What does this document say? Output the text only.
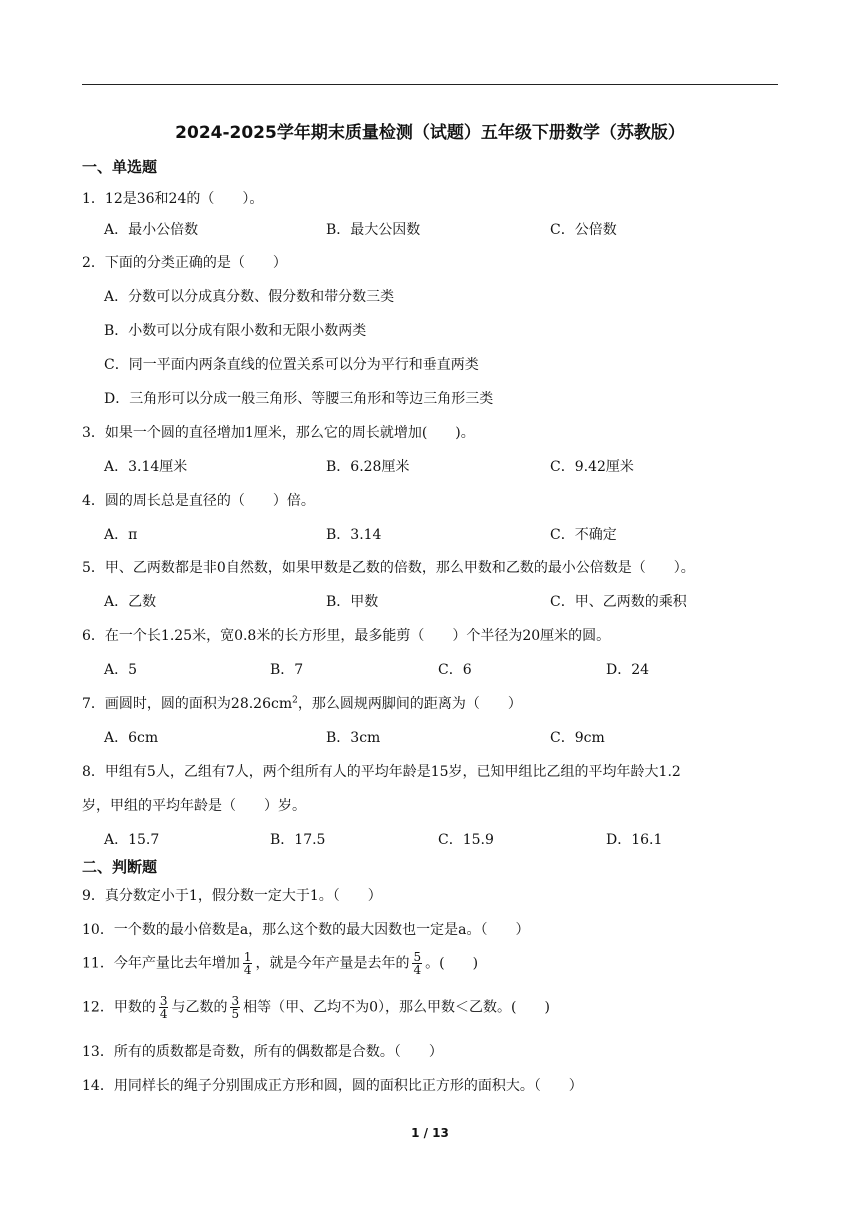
2024-2025学年期末质量检测（试题）五年级下册数学（苏教版）
一、单选题
1．12是36和24的（　　）。
A．最小公倍数	B．最大公因数	C．公倍数
2．下面的分类正确的是（　　）
A．分数可以分成真分数、假分数和带分数三类
B．小数可以分成有限小数和无限小数两类
C．同一平面内两条直线的位置关系可以分为平行和垂直两类
D．三角形可以分成一般三角形、等腰三角形和等边三角形三类
3．如果一个圆的直径增加1厘米，那么它的周长就增加(　　)。
A．3.14厘米	B．6.28厘米	C．9.42厘米
4．圆的周长总是直径的（　　）倍。
A．π	B．3.14	C．不确定
5．甲、乙两数都是非0自然数，如果甲数是乙数的倍数，那么甲数和乙数的最小公倍数是（　　）。
A．乙数	B．甲数	C．甲、乙两数的乘积
6．在一个长1.25米，宽0.8米的长方形里，最多能剪（　　）个半径为20厘米的圆。
A．5	B．7	C．6	D．24
7．画圆时，圆的面积为$28.26cm^2$，那么圆规两脚间的距离为（　　）
A．6cm	B．3cm	C．9cm
8．甲组有5人，乙组有7人，两个组所有人的平均年龄是15岁，已知甲组比乙组的平均年龄大1.2
岁，甲组的平均年龄是（　　）岁。
A．15.7	B．17.5	C．15.9	D．16.1
二、判断题
9．真分数定小于1，假分数一定大于1。（　　）
10．一个数的最小倍数是a，那么这个数的最大因数也一定是a。（　　）
11．今年产量比去年增加 $\frac{1}{4}$ ，就是今年产量是去年的 $\frac{5}{4}$ 。(　　)
12．甲数的 $\frac{3}{4}$ 与乙数的 $\frac{3}{5}$ 相等（甲、乙均不为0），那么甲数＜乙数。(　　)
13．所有的质数都是奇数，所有的偶数都是合数。（　　）
14．用同样长的绳子分别围成正方形和圆，圆的面积比正方形的面积大。（　　）
1 / 13
